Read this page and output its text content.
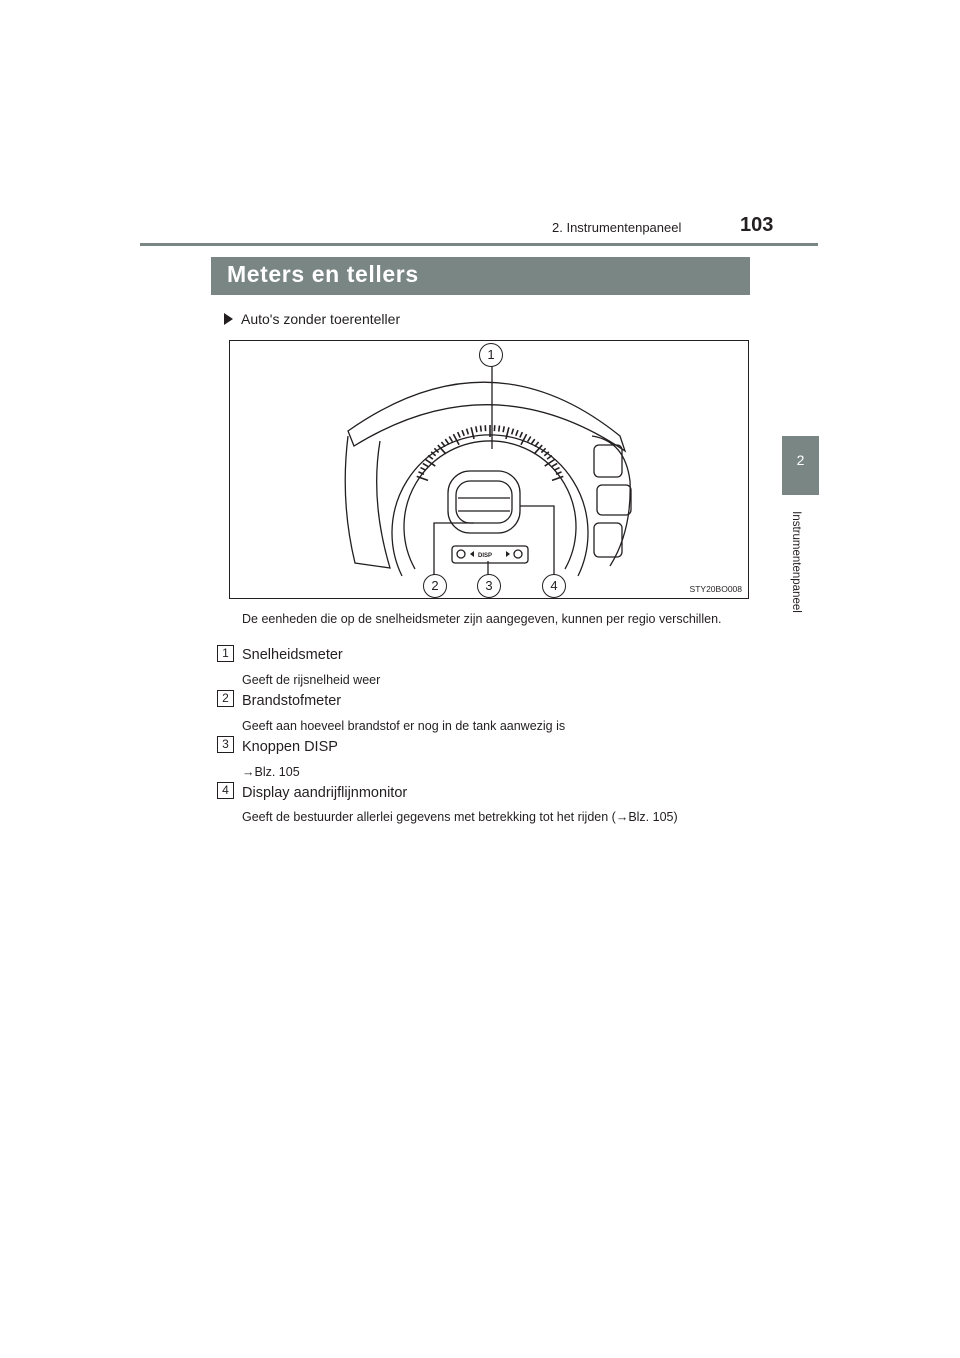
103
2. Instrumentenpaneel
2
Instrumentenpaneel
Meters en tellers
Auto's zonder toerenteller
DISP
STY20BO008
1
2	3	4
De eenheden die op de snelheidsmeter zijn aangegeven, kunnen per regio verschillen.
1 Snelheidsmeter
Geeft de rijsnelheid weer
2 Brandstofmeter
Geeft aan hoeveel brandstof er nog in de tank aanwezig is
3 Knoppen DISP
→Blz. 105
4 Display aandrijflijnmonitor
Geeft de bestuurder allerlei gegevens met betrekking tot het rijden (→Blz. 105)
